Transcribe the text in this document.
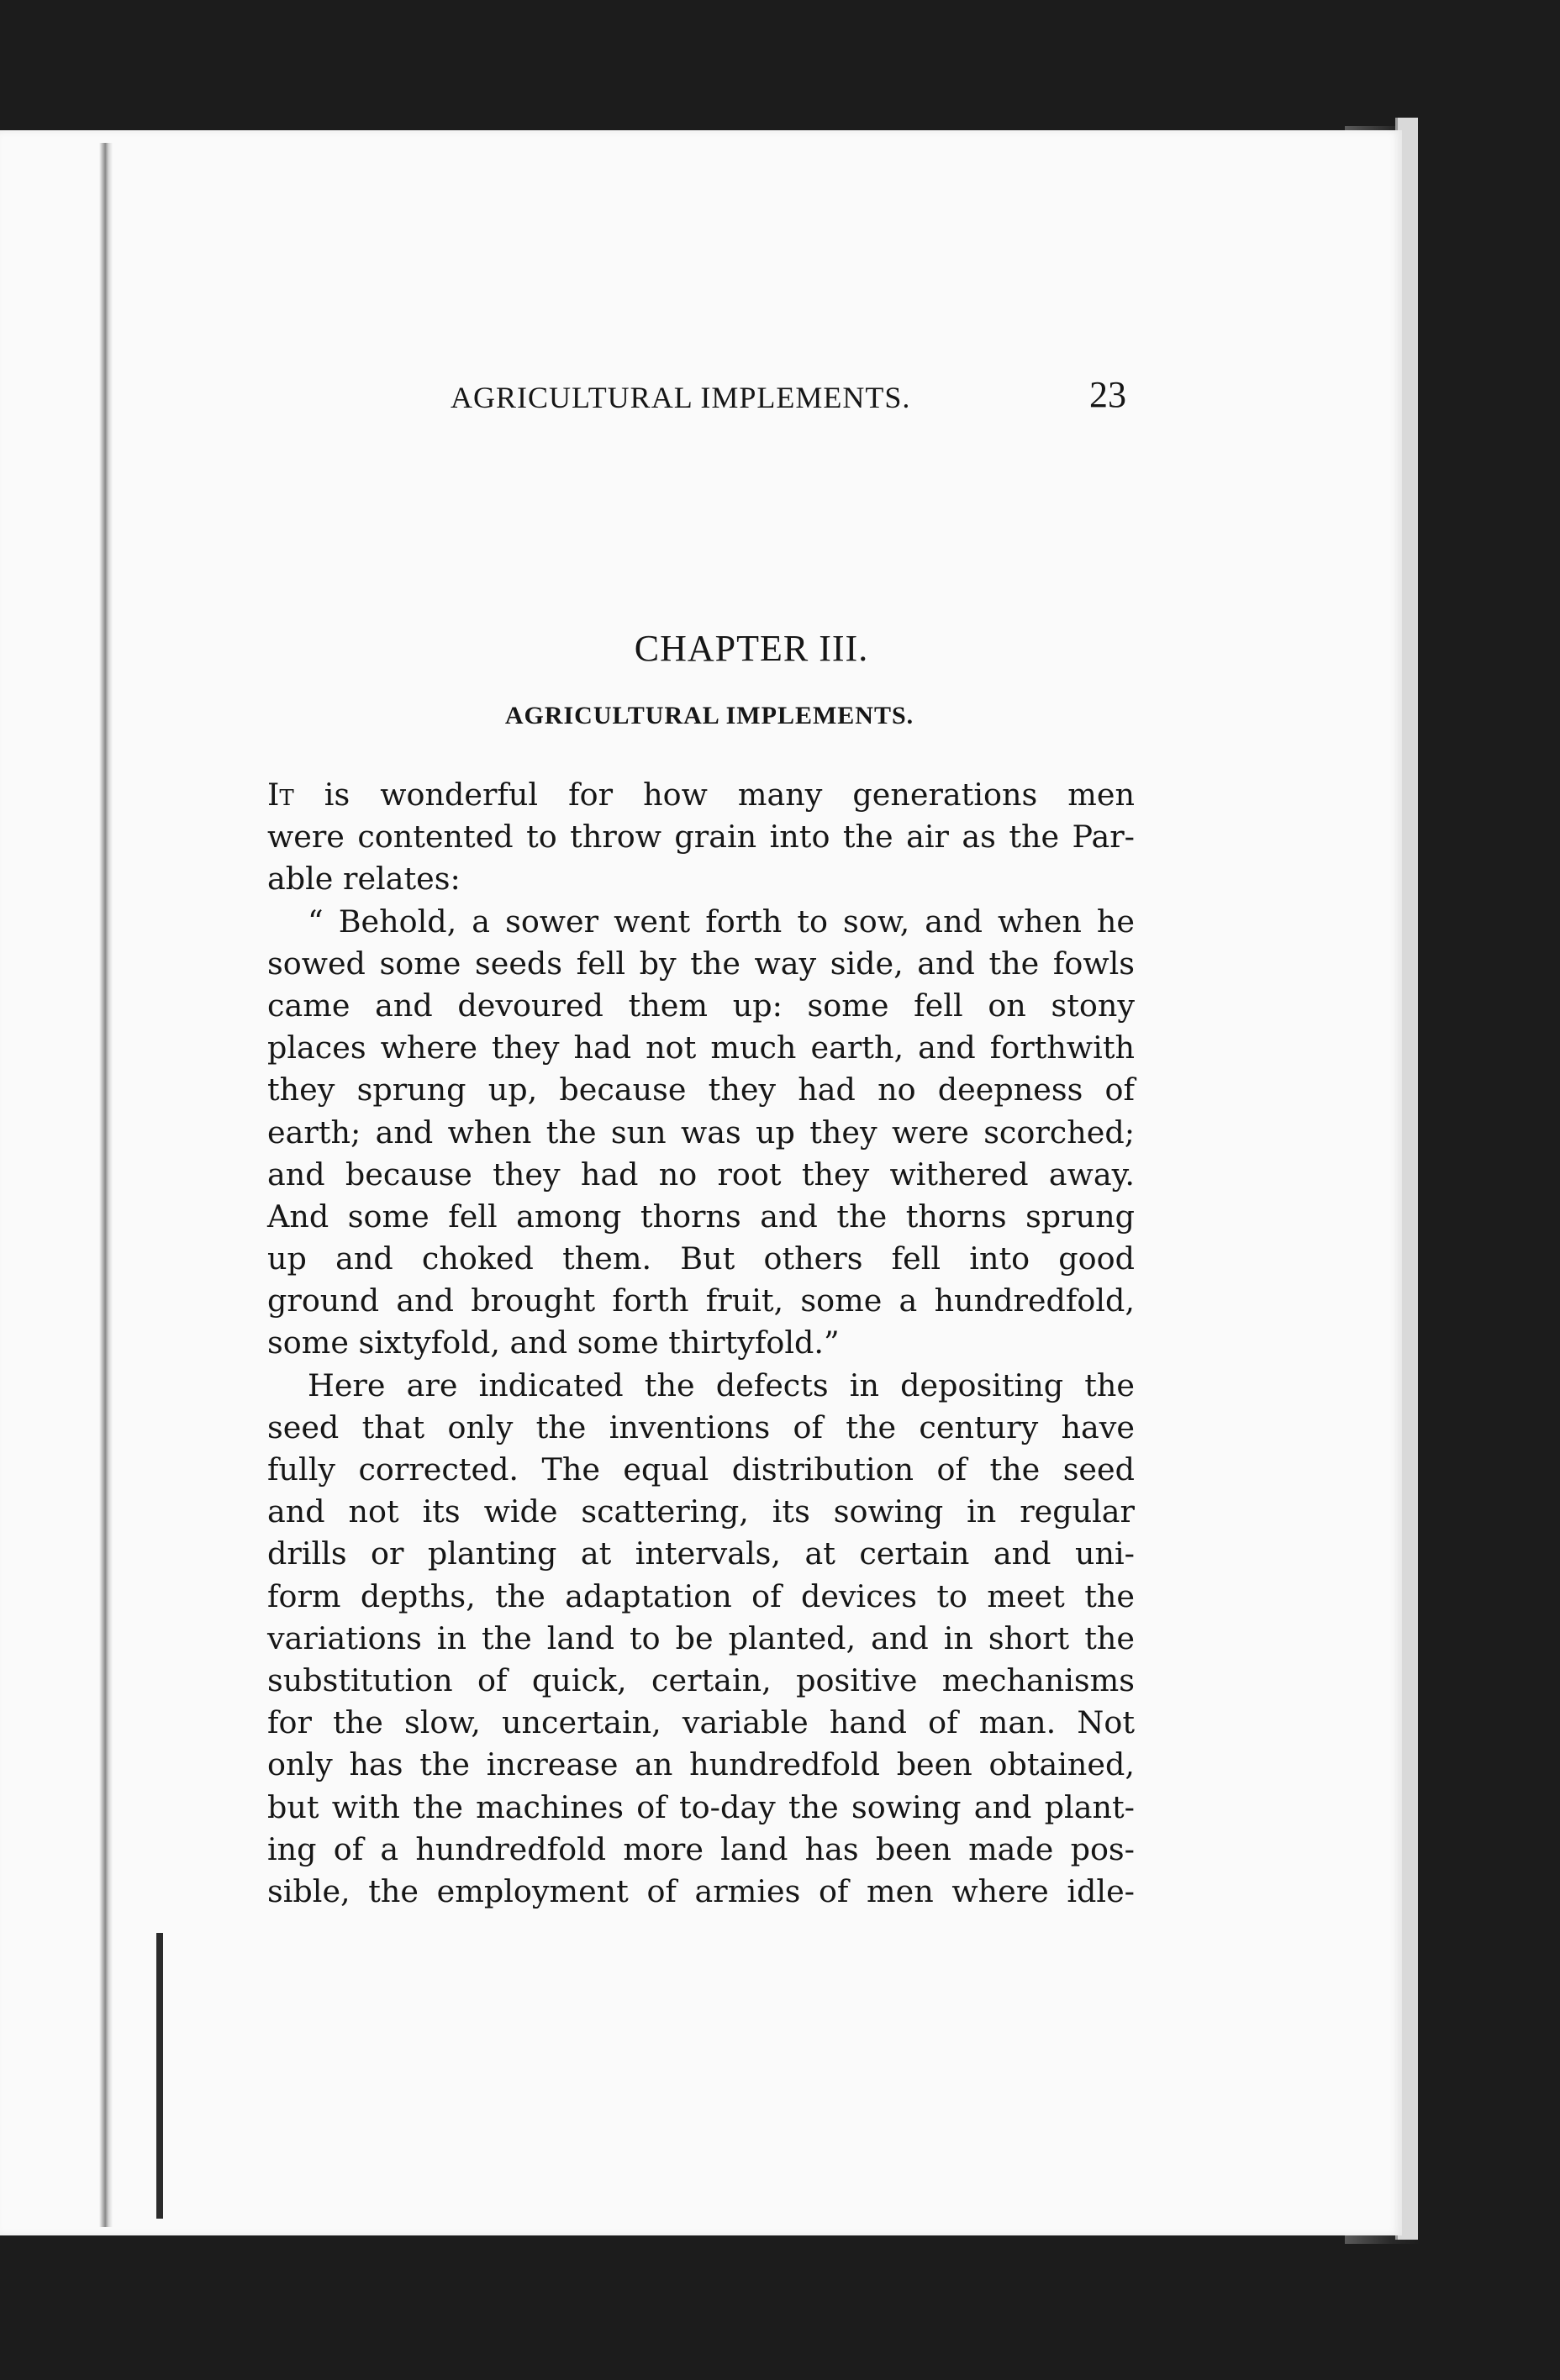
AGRICULTURAL IMPLEMENTS.	23
CHAPTER III.
AGRICULTURAL IMPLEMENTS.
It is wonderful for how many generations men
were contented to throw grain into the air as the Par-
able relates:
“ Behold, a sower went forth to sow, and when he
sowed some seeds fell by the way side, and the fowls
came and devoured them up: some fell on stony
places where they had not much earth, and forthwith
they sprung up, because they had no deepness of
earth; and when the sun was up they were scorched;
and because they had no root they withered away.
And some fell among thorns and the thorns sprung
up and choked them. But others fell into good
ground and brought forth fruit, some a hundredfold,
some sixtyfold, and some thirtyfold.”
Here are indicated the defects in depositing the
seed that only the inventions of the century have
fully corrected. The equal distribution of the seed
and not its wide scattering, its sowing in regular
drills or planting at intervals, at certain and uni-
form depths, the adaptation of devices to meet the
variations in the land to be planted, and in short the
substitution of quick, certain, positive mechanisms
for the slow, uncertain, variable hand of man. Not
only has the increase an hundredfold been obtained,
but with the machines of to-day the sowing and plant-
ing of a hundredfold more land has been made pos-
sible, the employment of armies of men where idle-
